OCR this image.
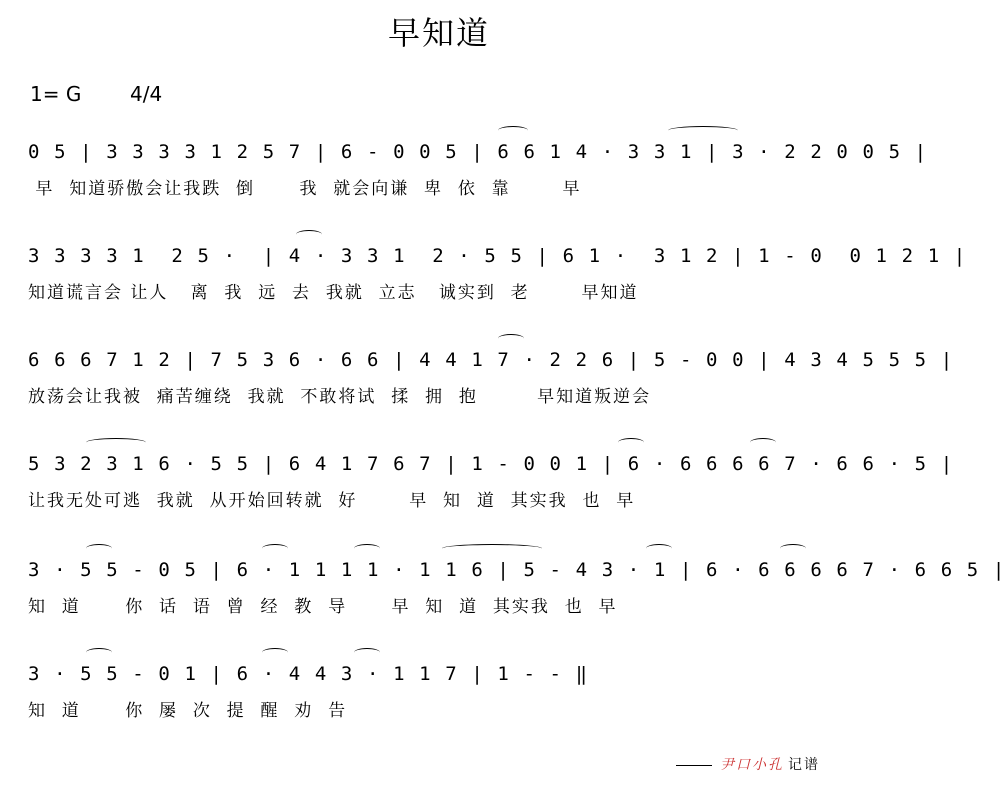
早知道
1= G 4/4
0 5 | 3 3 3 3 1 2 5 7 | 6 - 0 0 5 | 6 6 1 4 · 3 3 1 | 3 · 2 2 0 0 5 |
早  知道骄傲会让我跌  倒      我  就会向谦  卑  依  靠       早
3 3 3 3 1  2 5 ·  | 4 · 3 3 1  2 · 5 5 | 6 1 ·  3 1 2 | 1 - 0  0 1 2 1 |
知道谎言会 让人   离  我  远  去  我就  立志   诚实到  老       早知道
6 6 6 7 1 2 | 7 5 3 6 · 6 6 | 4 4 1 7 · 2 2 6 | 5 - 0 0 | 4 3 4 5 5 5 |
放荡会让我被  痛苦缠绕  我就  不敢将试  揉  拥  抱        早知道叛逆会
5 3 2 3 1 6 · 5 5 | 6 4 1 7 6 7 | 1 - 0 0 1 | 6 · 6 6 6 6 7 · 6 6 · 5 |
让我无处可逃  我就  从开始回转就  好       早  知  道  其实我  也  早
3 · 5 5 - 0 5 | 6 · 1 1 1 1 · 1 1 6 | 5 - 4 3 · 1 | 6 · 6 6 6 6 7 · 6 6 5 |
知  道      你  话  语  曾  经  教  导      早  知  道  其实我  也  早
3 · 5 5 - 0 1 | 6 · 4 4 3 · 1 1 7 | 1 - - ‖
知  道      你  屡  次  提  醒  劝  告
尹口小孔 记谱
